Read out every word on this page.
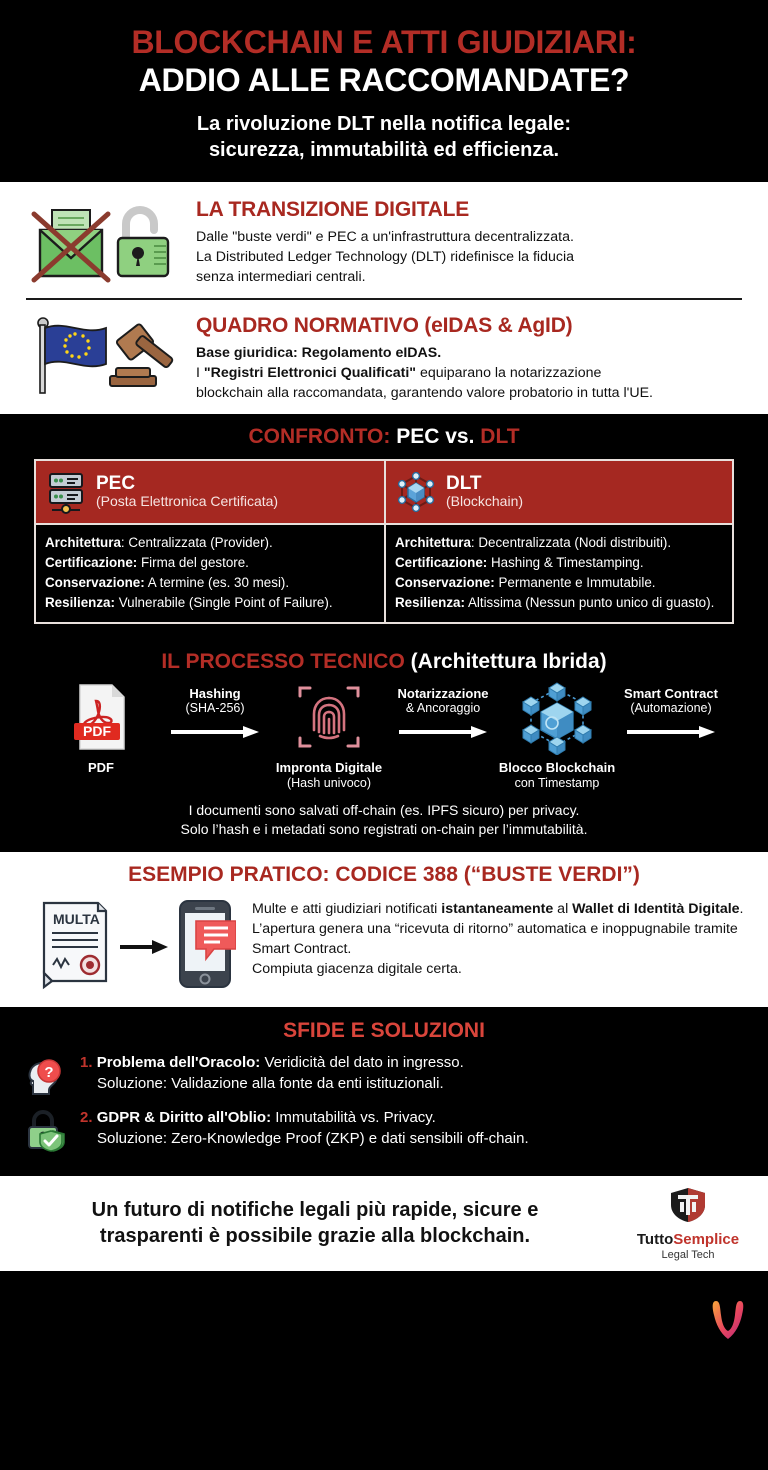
BLOCKCHAIN E ATTI GIUDIZIARI:
ADDIO ALLE RACCOMANDATE?
La rivoluzione DLT nella notifica legale:
sicurezza, immutabilità ed efficienza.
LA TRANSIZIONE DIGITALE
Dalle "buste verdi" e PEC a un'infrastruttura decentralizzata.
La Distributed Ledger Technology (DLT) ridefinisce la fiducia
senza intermediari centrali.
QUADRO NORMATIVO (eIDAS & AgID)
Base giuridica: Regolamento eIDAS.
I "Registri Elettronici Qualificati" equiparano la notarizzazione
blockchain alla raccomandata, garantendo valore probatorio in tutta l'UE.
CONFRONTO: PEC vs. DLT
PEC
(Posta Elettronica Certificata)
Architettura: Centralizzata (Provider).
Certificazione: Firma del gestore.
Conservazione: A termine (es. 30 mesi).
Resilienza: Vulnerabile (Single Point of Failure).
DLT
(Blockchain)
Architettura: Decentralizzata (Nodi distribuiti).
Certificazione: Hashing & Timestamping.
Conservazione: Permanente e Immutabile.
Resilienza: Altissima (Nessun punto unico di guasto).
IL PROCESSO TECNICO (Architettura Ibrida)
PDF
PDF
Hashing
(SHA-256)
Impronta Digitale
(Hash univoco)
Notarizzazione
& Ancoraggio
Blocco Blockchain
con Timestamp
Smart Contract
(Automazione)
I documenti sono salvati off-chain (es. IPFS sicuro) per privacy.
Solo l’hash e i metadati sono registrati on-chain per l’immutabilità.
ESEMPIO PRATICO: CODICE 388 (“BUSTE VERDI”)
MULTA
Multe e atti giudiziari notificati istantaneamente al Wallet di Identità Digitale.
L’apertura genera una “ricevuta di ritorno” automatica e inoppugnabile tramite Smart Contract.
Compiuta giacenza digitale certa.
SFIDE E SOLUZIONI
?
1. Problema dell'Oracolo: Veridicità del dato in ingresso.
Soluzione: Validazione alla fonte da enti istituzionali.
2. GDPR & Diritto all'Oblio: Immutabilità vs. Privacy.
Soluzione: Zero-Knowledge Proof (ZKP) e dati sensibili off-chain.
Un futuro di notifiche legali più rapide, sicure e
trasparenti è possibile grazie alla blockchain.	TuttoSemplice
Legal Tech
